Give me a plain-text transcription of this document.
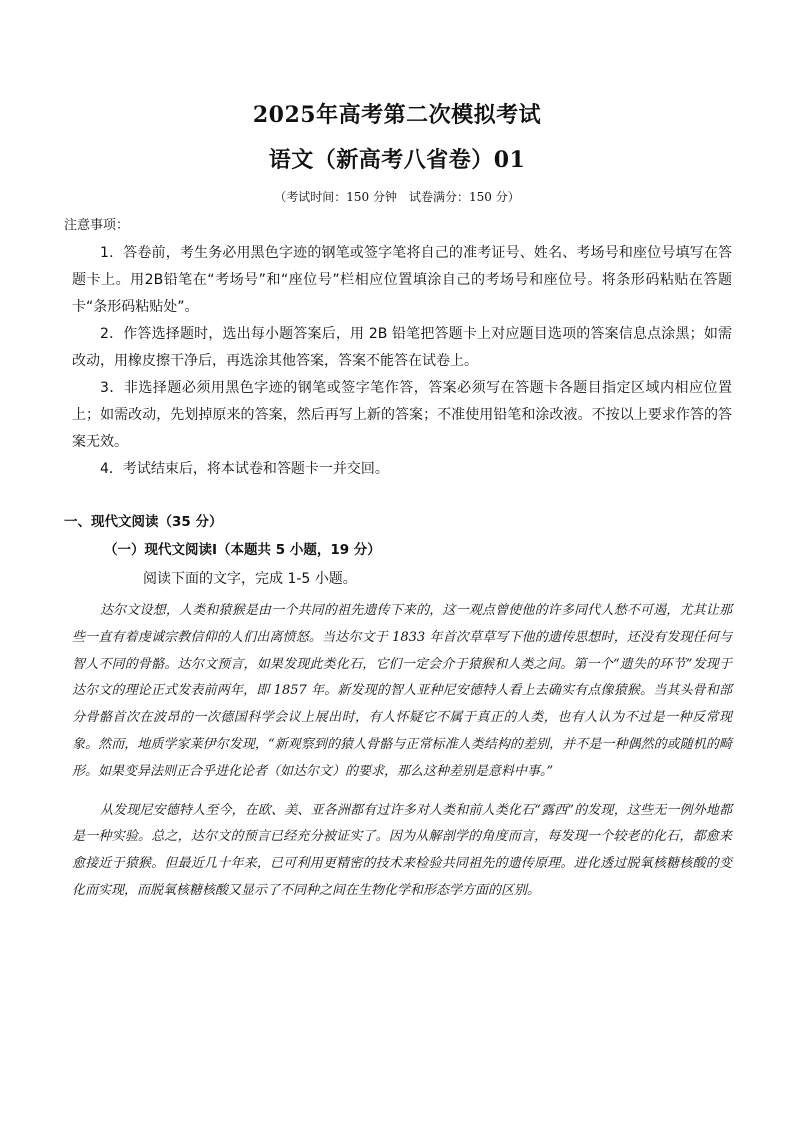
2025年高考第二次模拟考试
语文（新高考八省卷）01
（考试时间：150 分钟　试卷满分：150 分）
注意事项：

1．答卷前，考生务必用黑色字迹的钢笔或签字笔将自己的准考证号、姓名、考场号和座位号填写在答题卡上。用2B铅笔在“考场号”和“座位号”栏相应位置填涂自己的考场号和座位号。将条形码粘贴在答题卡“条形码粘贴处”。

2．作答选择题时，选出每小题答案后，用 2B 铅笔把答题卡上对应题目选项的答案信息点涂黑；如需改动，用橡皮擦干净后，再选涂其他答案，答案不能答在试卷上。

3．非选择题必须用黑色字迹的钢笔或签字笔作答，答案必须写在答题卡各题目指定区域内相应位置上；如需改动，先划掉原来的答案，然后再写上新的答案；不准使用铅笔和涂改液。不按以上要求作答的答案无效。

4．考试结束后，将本试卷和答题卡一并交回。

一、现代文阅读（35 分）
（一）现代文阅读Ⅰ（本题共 5 小题，19 分）
阅读下面的文字，完成 1-5 小题。

达尔文设想，人类和猿猴是由一个共同的祖先遗传下来的，这一观点曾使他的许多同代人愁不可遏，尤其让那些一直有着虔诚宗教信仰的人们出离愤怒。当达尔文于 1833 年首次草草写下他的遗传思想时，还没有发现任何与智人不同的骨骼。达尔文预言，如果发现此类化石，它们一定会介于猿猴和人类之间。第一个“遗失的环节”发现于达尔文的理论正式发表前两年，即 1857 年。新发现的智人亚种尼安德特人看上去确实有点像猿猴。当其头骨和部分骨骼首次在波昂的一次德国科学会议上展出时，有人怀疑它不属于真正的人类，也有人认为不过是一种反常现象。然而，地质学家莱伊尔发现，“新观察到的猿人骨骼与正常标准人类结构的差别，并不是一种偶然的或随机的畸形。如果变异法则正合乎进化论者（如达尔文）的要求，那么这种差别是意料中事。”

从发现尼安德特人至今，在欧、美、亚各洲都有过许多对人类和前人类化石“露西”的发现，这些无一例外地都是一种实验。总之，达尔文的预言已经充分被证实了。因为从解剖学的角度而言，每发现一个较老的化石，都愈来愈接近于猿猴。但最近几十年来，已可利用更精密的技术来检验共同祖先的遗传原理。进化透过脱氧核糖核酸的变化而实现，而脱氧核糖核酸又显示了不同种之间在生物化学和形态学方面的区别。
